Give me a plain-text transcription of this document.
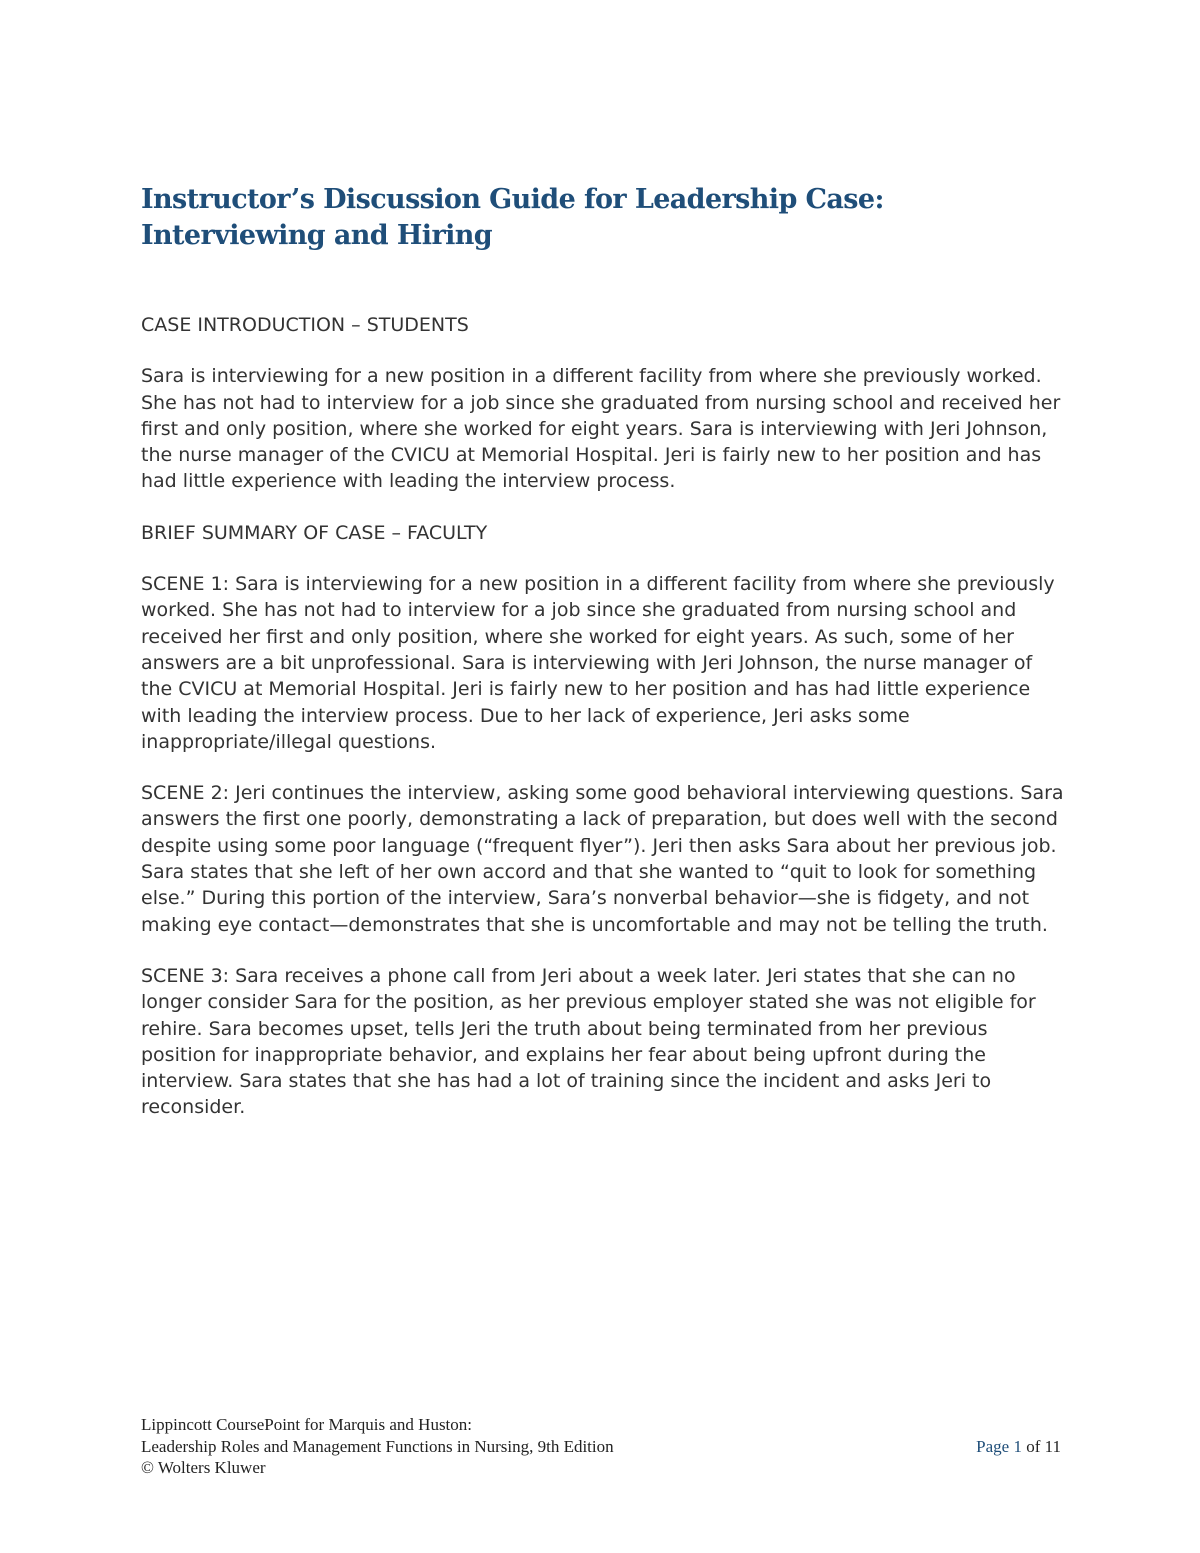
Instructor’s Discussion Guide for Leadership Case: Interviewing and Hiring

CASE INTRODUCTION – STUDENTS

Sara is interviewing for a new position in a different facility from where she previously worked. She has not had to interview for a job since she graduated from nursing school and received her first and only position, where she worked for eight years. Sara is interviewing with Jeri Johnson, the nurse manager of the CVICU at Memorial Hospital. Jeri is fairly new to her position and has had little experience with leading the interview process.

BRIEF SUMMARY OF CASE – FACULTY

SCENE 1: Sara is interviewing for a new position in a different facility from where she previously worked. She has not had to interview for a job since she graduated from nursing school and received her first and only position, where she worked for eight years. As such, some of her answers are a bit unprofessional. Sara is interviewing with Jeri Johnson, the nurse manager of the CVICU at Memorial Hospital. Jeri is fairly new to her position and has had little experience with leading the interview process. Due to her lack of experience, Jeri asks some inappropriate/illegal questions.

SCENE 2: Jeri continues the interview, asking some good behavioral interviewing questions. Sara answers the first one poorly, demonstrating a lack of preparation, but does well with the second despite using some poor language (“frequent flyer”). Jeri then asks Sara about her previous job. Sara states that she left of her own accord and that she wanted to “quit to look for something else.” During this portion of the interview, Sara’s nonverbal behavior—she is fidgety, and not making eye contact—demonstrates that she is uncomfortable and may not be telling the truth.

SCENE 3: Sara receives a phone call from Jeri about a week later. Jeri states that she can no longer consider Sara for the position, as her previous employer stated she was not eligible for rehire. Sara becomes upset, tells Jeri the truth about being terminated from her previous position for inappropriate behavior, and explains her fear about being upfront during the interview. Sara states that she has had a lot of training since the incident and asks Jeri to reconsider.

Lippincott CoursePoint for Marquis and Huston:
Leadership Roles and Management Functions in Nursing, 9th Edition
© Wolters Kluwer
Page 1 of 11
